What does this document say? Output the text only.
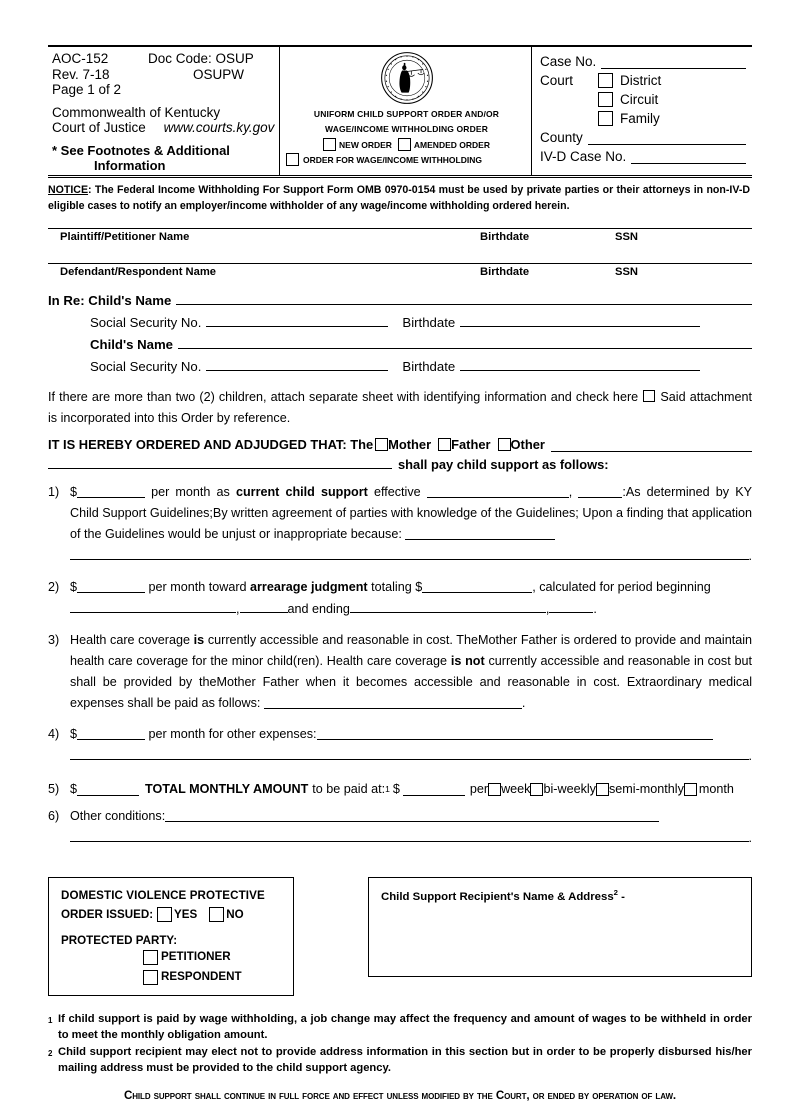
AOC-152	Doc Code: OSUP
Rev. 7-18	OSUPW
Page 1 of 2
Commonwealth of Kentucky
Court of Justice www.courts.ky.gov
* See Footnotes & Additional
Information
UNIFORM CHILD SUPPORT ORDER AND/OR
WAGE/INCOME WITHHOLDING ORDER
NEW ORDER	AMENDED ORDER
ORDER FOR WAGE/INCOME WITHHOLDING
Case No.
Court	District
Circuit
Family
County
IV-D Case No.
NOTICE: The Federal Income Withholding For Support Form OMB 0970-0154 must be used by private parties or their attorneys in non-IV-D eligible cases to notify an employer/income withholder of any wage/income withholding ordered herein.
Plaintiff/Petitioner Name	Birthdate	SSN
Defendant/Respondent Name	Birthdate	SSN
In Re: Child's Name
Social Security No.	Birthdate
Child's Name
Social Security No.	Birthdate
If there are more than two (2) children, attach separate sheet with identifying information and check here Said attachment is incorporated into this Order by reference.
IT IS HEREBY ORDERED AND ADJUDGED THAT: The Mother Father Other
shall pay child support as follows:
1) $	per month as current child support effective	,	:As determined by KY Child Support Guidelines;By written agreement of parties with knowledge of the Guidelines; Upon a finding that application of the Guidelines would be unjust or inappropriate because:
.
2) $	per month toward arrearage judgment totaling $	, calculated for period beginning
,	and ending	,	.
3) Health care coverage is currently accessible and reasonable in cost. TheMother Father is ordered to provide and maintain health care coverage for the minor child(ren). Health care coverage is not currently accessible and reasonable in cost but shall be provided by theMother Father when it becomes accessible and reasonable in cost. Extraordinary medical expenses shall be paid as follows:	.
4) $	per month for other expenses:
.
5) $	TOTAL MONTHLY AMOUNT to be paid at: 1 $	per week bi-weekly semi-monthly month
6) Other conditions:
.
DOMESTIC VIOLENCE PROTECTIVE
ORDER ISSUED:	YES	NO
PROTECTED PARTY:
PETITIONER
RESPONDENT
Child Support Recipient's Name & Address$^2$ -
1 If child support is paid by wage withholding, a job change may affect the frequency and amount of wages to be withheld in order to meet the monthly obligation amount.
2 Child support recipient may elect not to provide address information in this section but in order to be properly disbursed his/her mailing address must be provided to the child support agency.
Child support shall continue in full force and effect unless modified by the Court, or ended by operation of law.
